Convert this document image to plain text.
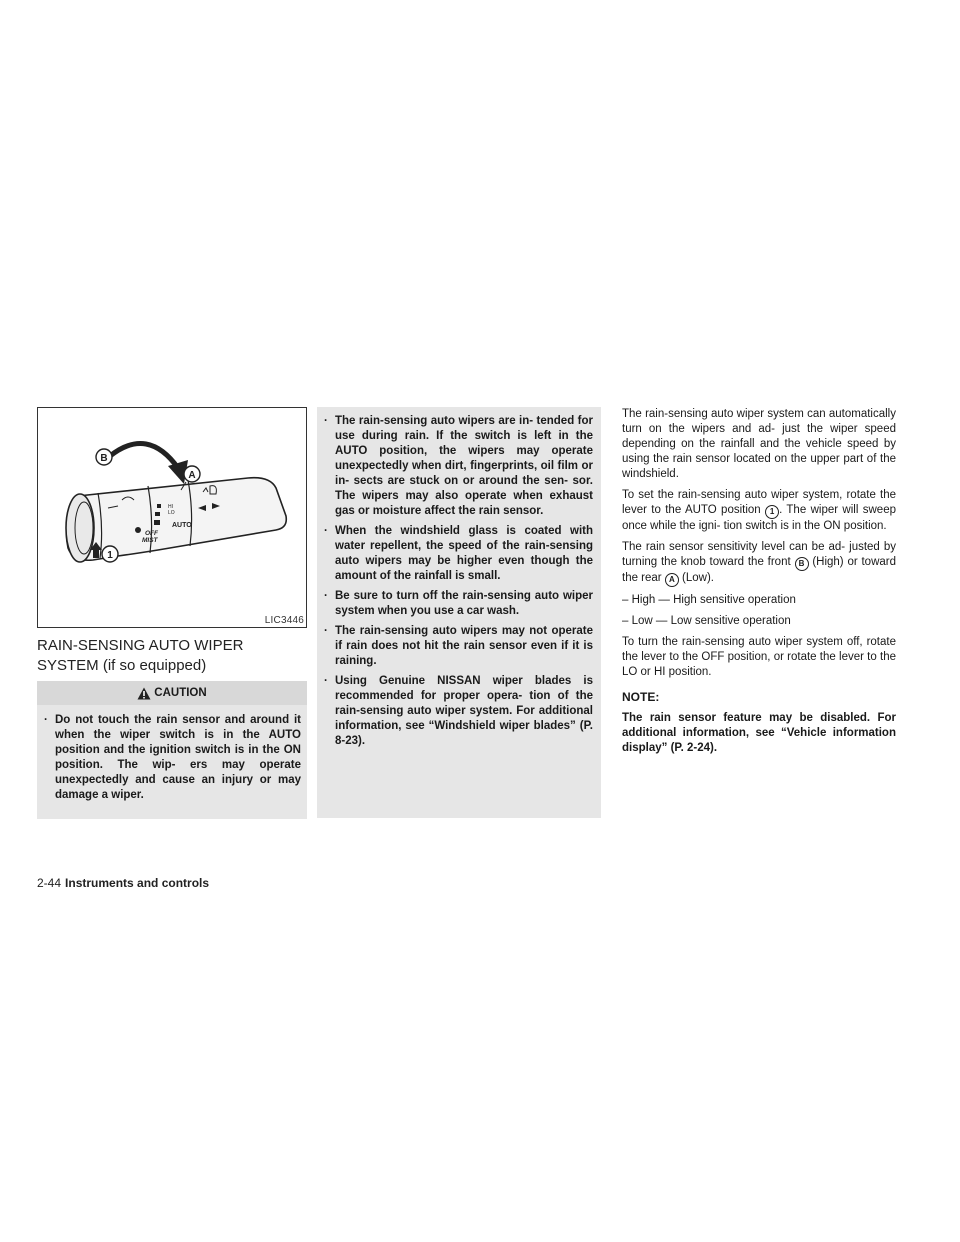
HI
LO
AUTO
OFF
MIST
B
A
1
LIC3446
RAIN-SENSING AUTO WIPER
SYSTEM (if so equipped)
CAUTION
· Do not touch the rain sensor and around it when the wiper switch is in the AUTO position and the ignition switch is in the ON position. The wip- ers may operate unexpectedly and cause an injury or may damage a wiper.
· The rain-sensing auto wipers are in- tended for use during rain. If the switch is left in the AUTO position, the wipers may operate unexpectedly when dirt, fingerprints, oil film or in- sects are stuck on or around the sen- sor. The wipers may also operate when exhaust gas or moisture affect the rain sensor.
· When the windshield glass is coated with water repellent, the speed of the rain-sensing auto wipers may be higher even though the amount of the rainfall is small.
· Be sure to turn off the rain-sensing auto wiper system when you use a car wash.
· The rain-sensing auto wipers may not operate if rain does not hit the rain sensor even if it is raining.
· Using Genuine NISSAN wiper blades is recommended for proper opera- tion of the rain-sensing auto wiper system. For additional information, see “Windshield wiper blades” (P. 8-23).

The rain-sensing auto wiper system can automatically turn on the wipers and ad- just the wiper speed depending on the rainfall and the vehicle speed by using the rain sensor located on the upper part of the windshield.

To set the rain-sensing auto wiper system, rotate the lever to the AUTO position 1 . The wiper will sweep once while the igni- tion switch is in the ON position.

The rain sensor sensitivity level can be ad- justed by turning the knob toward the front B (High) or toward the rear A (Low).

– High — High sensitive operation
– Low — Low sensitive operation

To turn the rain-sensing auto wiper system off, rotate the lever to the OFF position, or rotate the lever to the LO or HI position.

NOTE:

The rain sensor feature may be disabled. For additional information, see “Vehicle information display” (P. 2-24).

2-44 Instruments and controls
